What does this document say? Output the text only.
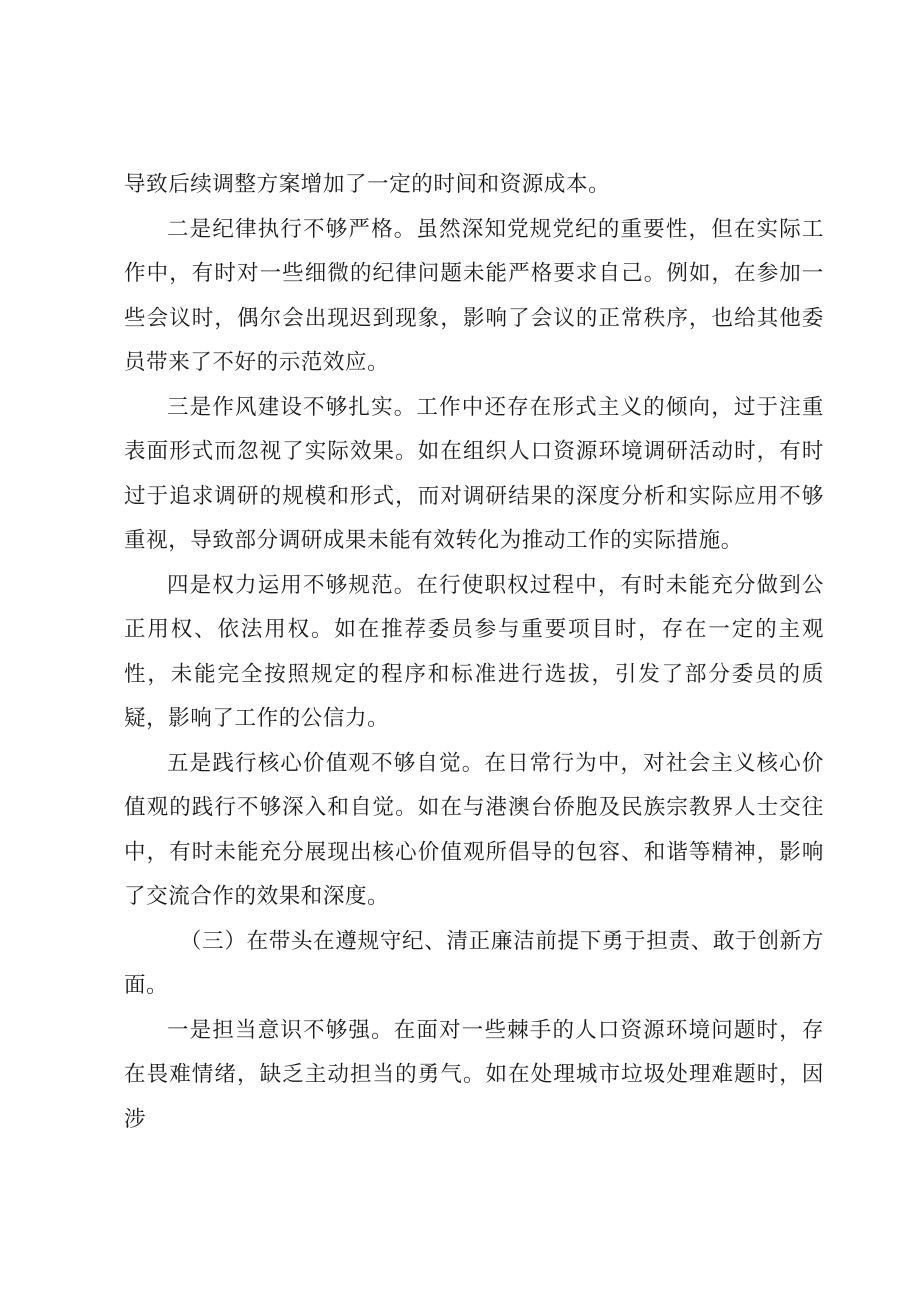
导致后续调整方案增加了一定的时间和资源成本。

二是纪律执行不够严格。虽然深知党规党纪的重要性，但在实际工作中，有时对一些细微的纪律问题未能严格要求自己。例如，在参加一些会议时，偶尔会出现迟到现象，影响了会议的正常秩序，也给其他委员带来了不好的示范效应。

三是作风建设不够扎实。工作中还存在形式主义的倾向，过于注重表面形式而忽视了实际效果。如在组织人口资源环境调研活动时，有时过于追求调研的规模和形式，而对调研结果的深度分析和实际应用不够重视，导致部分调研成果未能有效转化为推动工作的实际措施。

四是权力运用不够规范。在行使职权过程中，有时未能充分做到公正用权、依法用权。如在推荐委员参与重要项目时，存在一定的主观性，未能完全按照规定的程序和标准进行选拔，引发了部分委员的质疑，影响了工作的公信力。

五是践行核心价值观不够自觉。在日常行为中，对社会主义核心价值观的践行不够深入和自觉。如在与港澳台侨胞及民族宗教界人士交往中，有时未能充分展现出核心价值观所倡导的包容、和谐等精神，影响了交流合作的效果和深度。

（三）在带头在遵规守纪、清正廉洁前提下勇于担责、敢于创新方面。

一是担当意识不够强。在面对一些棘手的人口资源环境问题时，存在畏难情绪，缺乏主动担当的勇气。如在处理城市垃圾处理难题时，因涉
